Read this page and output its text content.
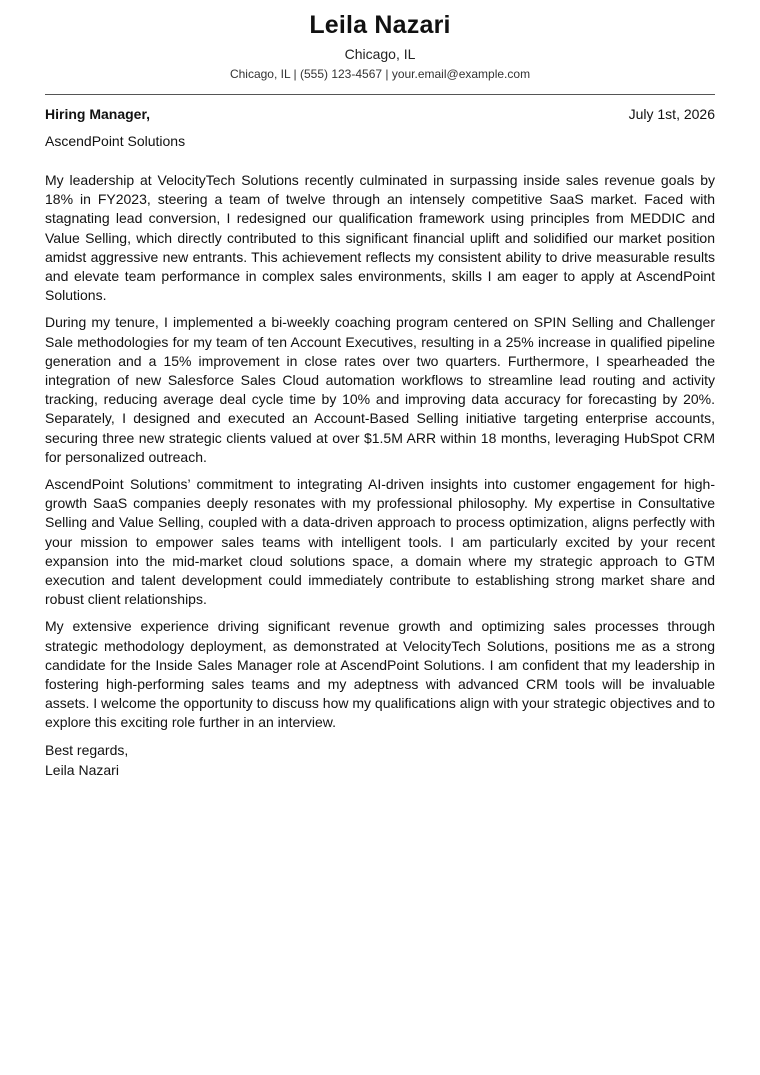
Leila Nazari
Chicago, IL
Chicago, IL | (555) 123-4567 | your.email@example.com
Hiring Manager,	July 1st, 2026
AscendPoint Solutions

My leadership at VelocityTech Solutions recently culminated in surpassing inside sales revenue goals by 18% in FY2023, steering a team of twelve through an intensely competitive SaaS market. Faced with stagnating lead conversion, I redesigned our qualification framework using principles from MEDDIC and Value Selling, which directly contributed to this significant financial uplift and solidified our market position amidst aggressive new entrants. This achievement reflects my consistent ability to drive measurable results and elevate team performance in complex sales environments, skills I am eager to apply at AscendPoint Solutions.

During my tenure, I implemented a bi-weekly coaching program centered on SPIN Selling and Challenger Sale methodologies for my team of ten Account Executives, resulting in a 25% increase in qualified pipeline generation and a 15% improvement in close rates over two quarters. Furthermore, I spearheaded the integration of new Salesforce Sales Cloud automation workflows to streamline lead routing and activity tracking, reducing average deal cycle time by 10% and improving data accuracy for forecasting by 20%. Separately, I designed and executed an Account-Based Selling initiative targeting enterprise accounts, securing three new strategic clients valued at over $1.5M ARR within 18 months, leveraging HubSpot CRM for personalized outreach.

AscendPoint Solutions’ commitment to integrating AI-driven insights into customer engagement for high-growth SaaS companies deeply resonates with my professional philosophy. My expertise in Consultative Selling and Value Selling, coupled with a data-driven approach to process optimization, aligns perfectly with your mission to empower sales teams with intelligent tools. I am particularly excited by your recent expansion into the mid-market cloud solutions space, a domain where my strategic approach to GTM execution and talent development could immediately contribute to establishing strong market share and robust client relationships.

My extensive experience driving significant revenue growth and optimizing sales processes through strategic methodology deployment, as demonstrated at VelocityTech Solutions, positions me as a strong candidate for the Inside Sales Manager role at AscendPoint Solutions. I am confident that my leadership in fostering high-performing sales teams and my adeptness with advanced CRM tools will be invaluable assets. I welcome the opportunity to discuss how my qualifications align with your strategic objectives and to explore this exciting role further in an interview.

Best regards,
Leila Nazari
